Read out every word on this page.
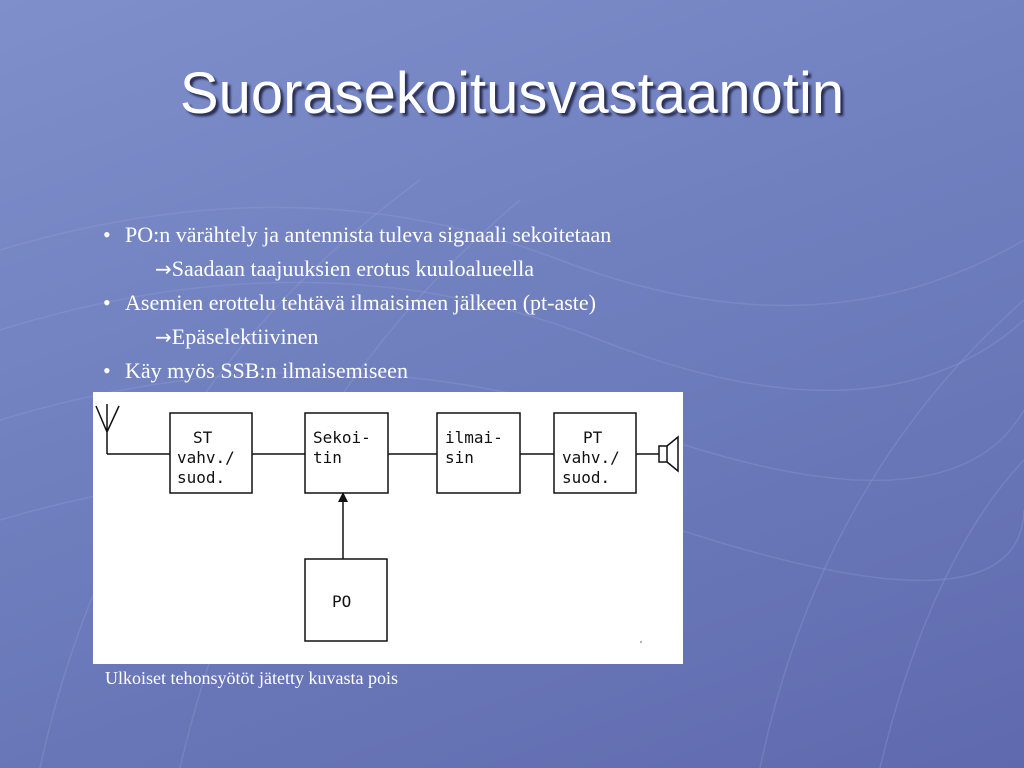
Suorasekoitusvastaanotin
• PO:n värähtely ja antennista tuleva signaali sekoitetaan
→Saadaan taajuuksien erotus kuuloalueella
• Asemien erottelu tehtävä ilmaisimen jälkeen (pt-aste)
→Epäselektiivinen
• Käy myös SSB:n ilmaisemiseen
ST
vahv./
suod.
Sekoi-
tin
ilmai-
sin
PT
vahv./
suod.
PO
Ulkoiset tehonsyötöt jätetty kuvasta pois
